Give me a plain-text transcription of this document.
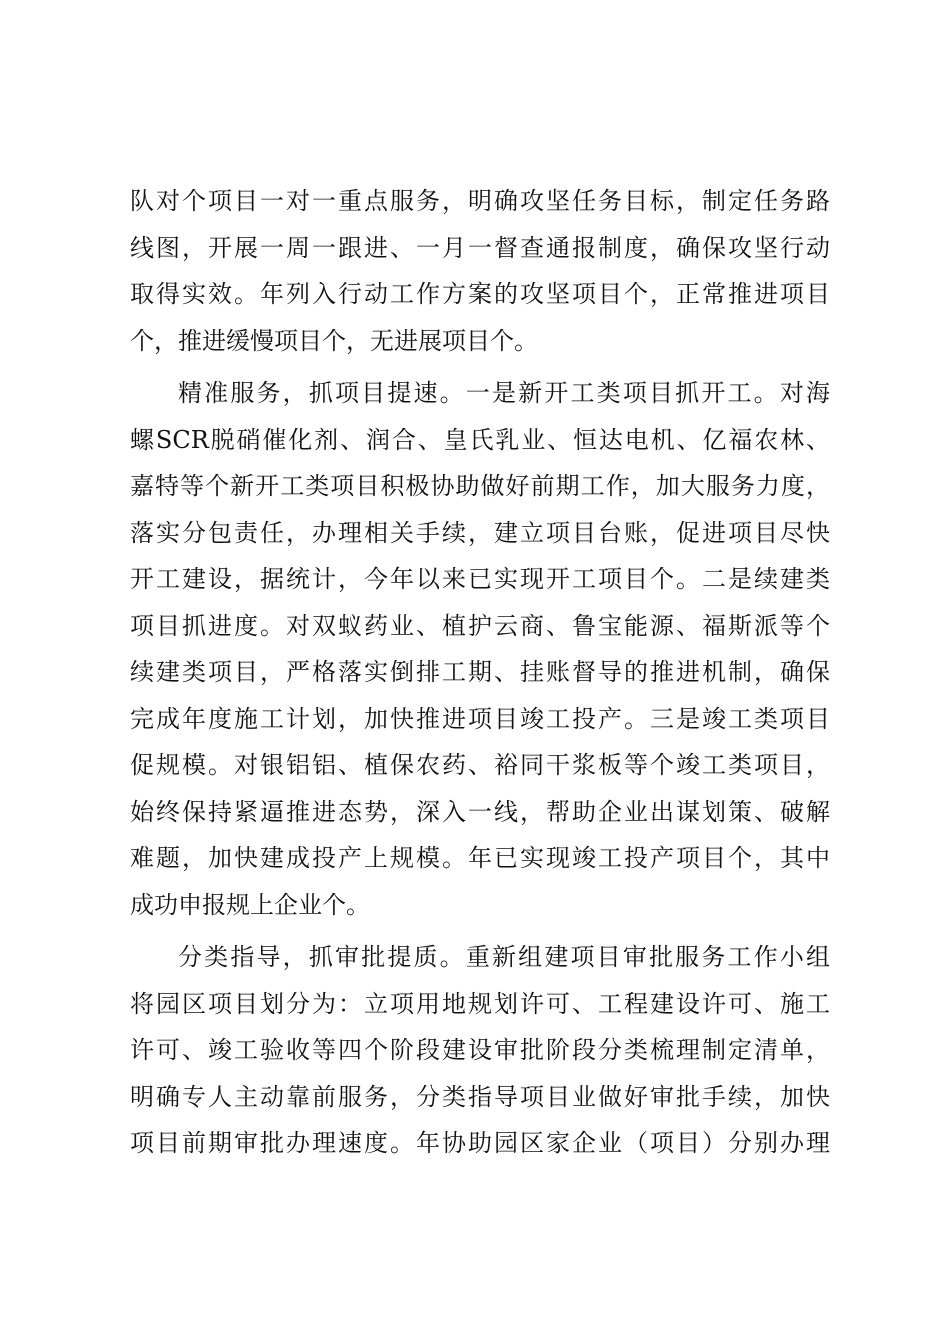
队对个项目一对一重点服务，明确攻坚任务目标，制定任务路
线图，开展一周一跟进、一月一督查通报制度，确保攻坚行动
取得实效。年列入行动工作方案的攻坚项目个，正常推进项目
个，推进缓慢项目个，无进展项目个。
精准服务，抓项目提速。一是新开工类项目抓开工。对海
螺SCR脱硝催化剂、润合、皇氏乳业、恒达电机、亿福农林、
嘉特等个新开工类项目积极协助做好前期工作，加大服务力度，
落实分包责任，办理相关手续，建立项目台账，促进项目尽快
开工建设，据统计，今年以来已实现开工项目个。二是续建类
项目抓进度。对双蚁药业、植护云商、鲁宝能源、福斯派等个
续建类项目，严格落实倒排工期、挂账督导的推进机制，确保
完成年度施工计划，加快推进项目竣工投产。三是竣工类项目
促规模。对银铝铝、植保农药、裕同干浆板等个竣工类项目，
始终保持紧逼推进态势，深入一线，帮助企业出谋划策、破解
难题，加快建成投产上规模。年已实现竣工投产项目个，其中
成功申报规上企业个。
分类指导，抓审批提质。重新组建项目审批服务工作小组
将园区项目划分为：立项用地规划许可、工程建设许可、施工
许可、竣工验收等四个阶段建设审批阶段分类梳理制定清单，
明确专人主动靠前服务，分类指导项目业做好审批手续，加快
项目前期审批办理速度。年协助园区家企业（项目）分别办理
